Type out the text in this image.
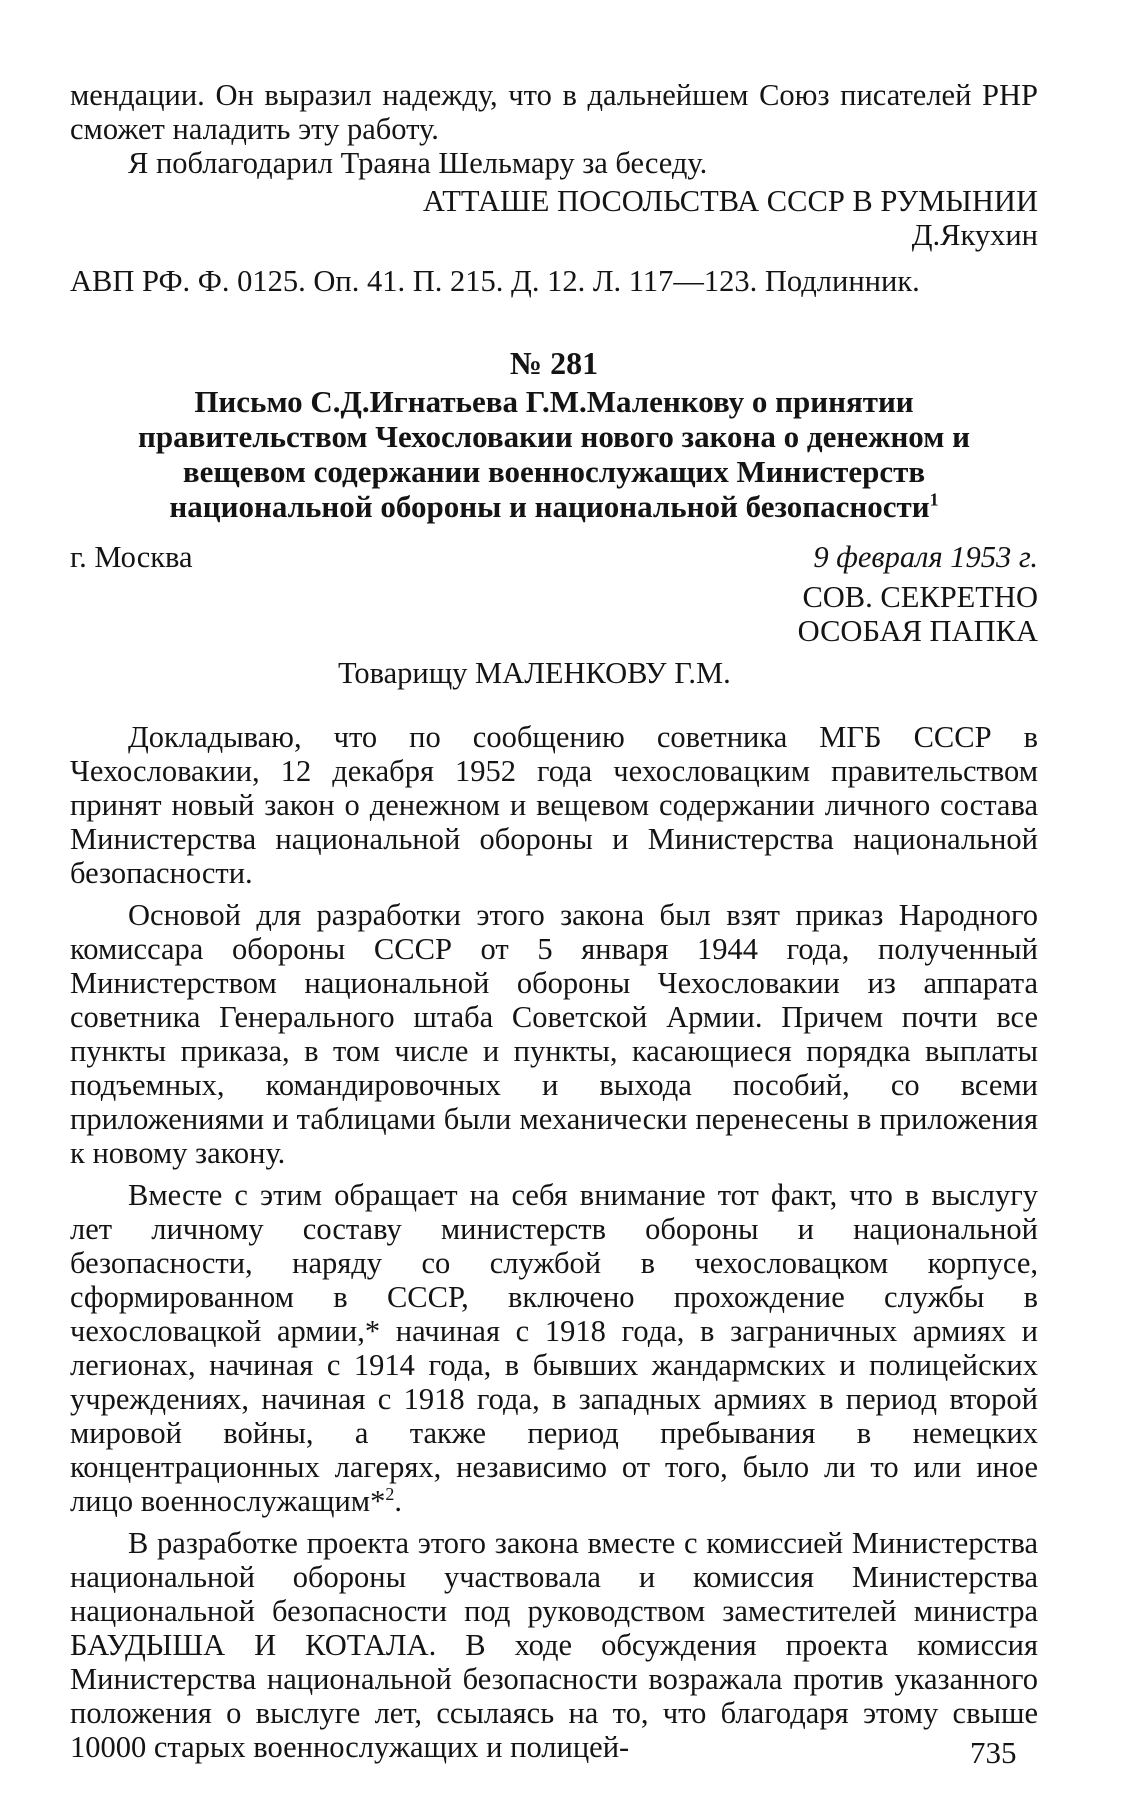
мендации. Он выразил надежду, что в дальнейшем Союз писателей РНР сможет наладить эту работу.

Я поблагодарил Траяна Шельмару за беседу.

АТТАШЕ ПОСОЛЬСТВА СССР В РУМЫНИИ
Д.Якухин
АВП РФ. Ф. 0125. Оп. 41. П. 215. Д. 12. Л. 117—123. Подлинник.
№ 281
Письмо С.Д.Игнатьева Г.М.Маленкову о принятии правительством Чехословакии нового закона о денежном и вещевом содержании военнослужащих Министерств национальной обороны и национальной безопасности$^1$
г. Москва	9 февраля 1953 г.
СОВ. СЕКРЕТНО
ОСОБАЯ ПАПКА
Товарищу МАЛЕНКОВУ Г.М.

Докладываю, что по сообщению советника МГБ СССР в Чехословакии, 12 декабря 1952 года чехословацким правительством принят новый закон о денежном и вещевом содержании личного состава Министерства национальной обороны и Министерства национальной безопасности.

Основой для разработки этого закона был взят приказ Народного комиссара обороны СССР от 5 января 1944 года, полученный Министерством национальной обороны Чехословакии из аппарата советника Генерального штаба Советской Армии. Причем почти все пункты приказа, в том числе и пункты, касающиеся порядка выплаты подъемных, командировочных и выхода пособий, со всеми приложениями и таблицами были механически перенесены в приложения к новому закону.

Вместе с этим обращает на себя внимание тот факт, что в выслугу лет личному составу министерств обороны и национальной безопасности, наряду со службой в чехословацком корпусе, сформированном в СССР, включено прохождение службы в чехословацкой армии,* начиная с 1918 года, в заграничных армиях и легионах, начиная с 1914 года, в бывших жандармских и полицейских учреждениях, начиная с 1918 года, в западных армиях в период второй мировой войны, а также период пребывания в немецких концентрационных лагерях, независимо от того, было ли то или иное лицо военнослужащим*$^2$.

В разработке проекта этого закона вместе с комиссией Министерства национальной обороны участвовала и комиссия Министерства национальной безопасности под руководством заместителей министра БАУДЫША И КОТАЛА. В ходе обсуждения проекта комиссия Министерства национальной безопасности возражала против указанного положения о выслуге лет, ссылаясь на то, что благодаря этому свыше 10000 старых военнослужащих и полицей-	735
